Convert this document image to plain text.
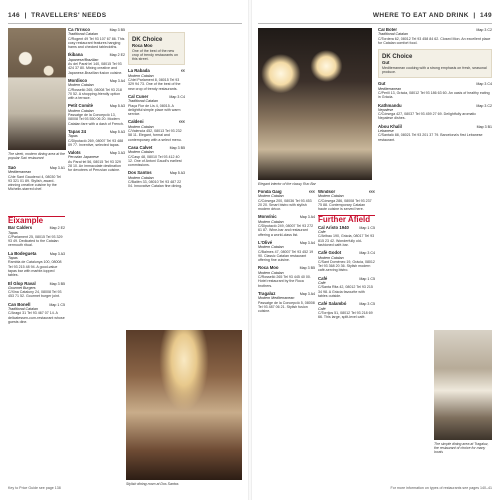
146  |  TRAVELLERS' NEEDS	WHERE TO EAT AND DRINK  |  149
The sleek, modern dining area at the popular Saó restaurant
Stylish dining room at Dos Santos
Elegant interior of the classy Ruo Bar
The simple dining area at Tragaluz, the restaurant of choice for many locals
Map 3 A1
Saó
Mediterranean
C/de Sant Gaudenci 4, 08030 Tel 93 321 01 89. Stylish, award-winning creative cuisine by the Michelin-starred chef.
Eixample
Map 2 E2
Bar Calders
Tapas
C/Parlament 25, 08015 Tel 93 329 93 49. Dedicated to the Catalan vermouth ritual.
Map 3 A3
La Bodegueta
Tapas
Rambla de Catalunya 100, 08008 Tel 93 215 48 94. A good-value tapas bar with marble-topped tables.
Map 3 B5
El Glop Raval
Gourmet Burgers
C/Xina Cataluny 24, 08008 Tel 93 453 71 52. Gourmet burger joint.
Map 1 C5
Can Bonell
Traditional Catalan
C/Aragó 31 Tel 93 467 07 14. A delicatessen-cum-restaurant whose guests dine.
Map 3 B5
Ca l'Irrisco
Traditional Catalan
C/Rogent 49 Tel 93 107 67 86. This cosy restaurant features hanging hams and checked tablecloths.
Map 2 E2
Ikibana
Japanese/Brazilian
Av del Paral·lel 140, 08015 Tel 93 424 37 80. Mixing creative and Japanese-Brazilian fusion cuisine.
Map 3 A4
Mordisco
Modern Catalan
C/Rosselló 265, 08008 Tel 93 218 70 52. A shopping-friendly option with a terrace.
Map 5 A3
Petit Comitè
Modern Catalan
Passatge de la Concepció 13, 08008 Tel 93 550 06 20. Modern Catalan fare with a dash of French.
Map 5 A3
Tapas 24
Tapas
C/Diputació 269, 08007 Tel 93 488 09 77. Inventive, selected tapas.
Map 3 A3
Valots
Peruvian Japanese
Av Paral·lel 56, 08015 Tel 93 329 28 10. An immaculate destination for devotees of Peruvian cuisine.
DK Choice
Roca Moo
One of the best of the new crop of trendy restaurants on this street.
€€
La Rabada
Modern Catalan
C/del Parlament 8, 08015 Tel 93 329 94 73. One of the best of the new crop of trendy restaurants.
Map 3 C4
Cal Cuner
Traditional Catalan
Plaça Flor de Lis 4, 08015. A delightful simple place with warm service.
€€€
Caldeni
Modern Catalan
C/Valencia 452, 08013 Tel 93 232 58 11. Elegant, formal and contemporary with a select menu.
Map 3 B5
Casa Calvet
Modern Catalan
C/Casp 48, 08010 Tel 93 412 40 12. One of Antoni Gaudí's earliest commissions.
Map 5 A3
Dos Santos
Modern Catalan
C/Bailén 33, 08010 Tel 93 487 22 04. Innovative Catalan fine dining.
€€€
Fonda Gaig
Modern Catalan
C/Còrsega 200, 08036 Tel 93 453 20 20. Smart bistro with stylish modern décor.
Map 3 A4
Monvínic
Modern Catalan
C/Diputació 249, 08007 Tel 93 272 61 87. Wine-bar and restaurant offering a world-class list.
Map 3 A4
L'Olivé
Modern Catalan
C/Balmes 47, 08007 Tel 93 452 19 90. Classic Catalan restaurant offering fine cuisine.
Map 3 B5
Roca Moo
Modern Catalan
C/Rosselló 265 Tel 93 445 40 00. Hotel restaurant by the Roca brothers.
Map 3 A4
Tragaluz
Modern Mediterranean
Passatge de la Concepció 5, 08008 Tel 93 487 06 21. Stylish fusion cuisine.
€€€
Windsor
Modern Catalan
C/Còrsega 286, 08008 Tel 93 237 75 88. Contemporary Catalan haute cuisine is served here.
Further Afield
Map 1 C5
Cal Aristo 1940
Cafe
C/Aribau 190, Gràcia, 08017 Tel 93 815 23 42. Wonderfully old-fashioned café-bar.
Map 3 C4
Cafè Godot
Modern Catalan
C/Sant Domènec 19, Gràcia, 08012 Tel 93 368 20 36. Stylish modern café-serving bistro.
Map 1 C5
Café
Café
C/Santa Rita 42, 08012 Tel 93 215 34 98. A Gràcia favourite with tables outside.
Map 3 C5
Café Salambó
Café
C/Torrijos 51, 08012 Tel 93 218 69 66. This large, split-level café.
Map 3 C2
Cal Boter
Traditional Catalan
C/Tordera 62, 08012 Tel 93 458 84 62. Closed Mon. An excellent place for Catalan comfort food.
DK Choice
Gut
Mediterranean cooking with a strong emphasis on fresh, seasonal produce.
Map 3 C4
Gut
Mediterranean
C/Perill 13, Gràcia, 08012 Tel 93 186 63 60. An oasis of healthy eating in Gràcia.
Map 3 C2
Kathmandu
Nepalese
C/Còrsega 427, 08037 Tel 93 459 27 69. Delightfully aromatic Nepalese dishes.
Map 3 B1
Abou Khalil
Lebanese
C/Santaló 88, 08021 Tel 93 201 37 79. Barcelona's first Lebanese restaurant.
Key to Price Guide see page 138	For more information on types of restaurants see pages 140–41
